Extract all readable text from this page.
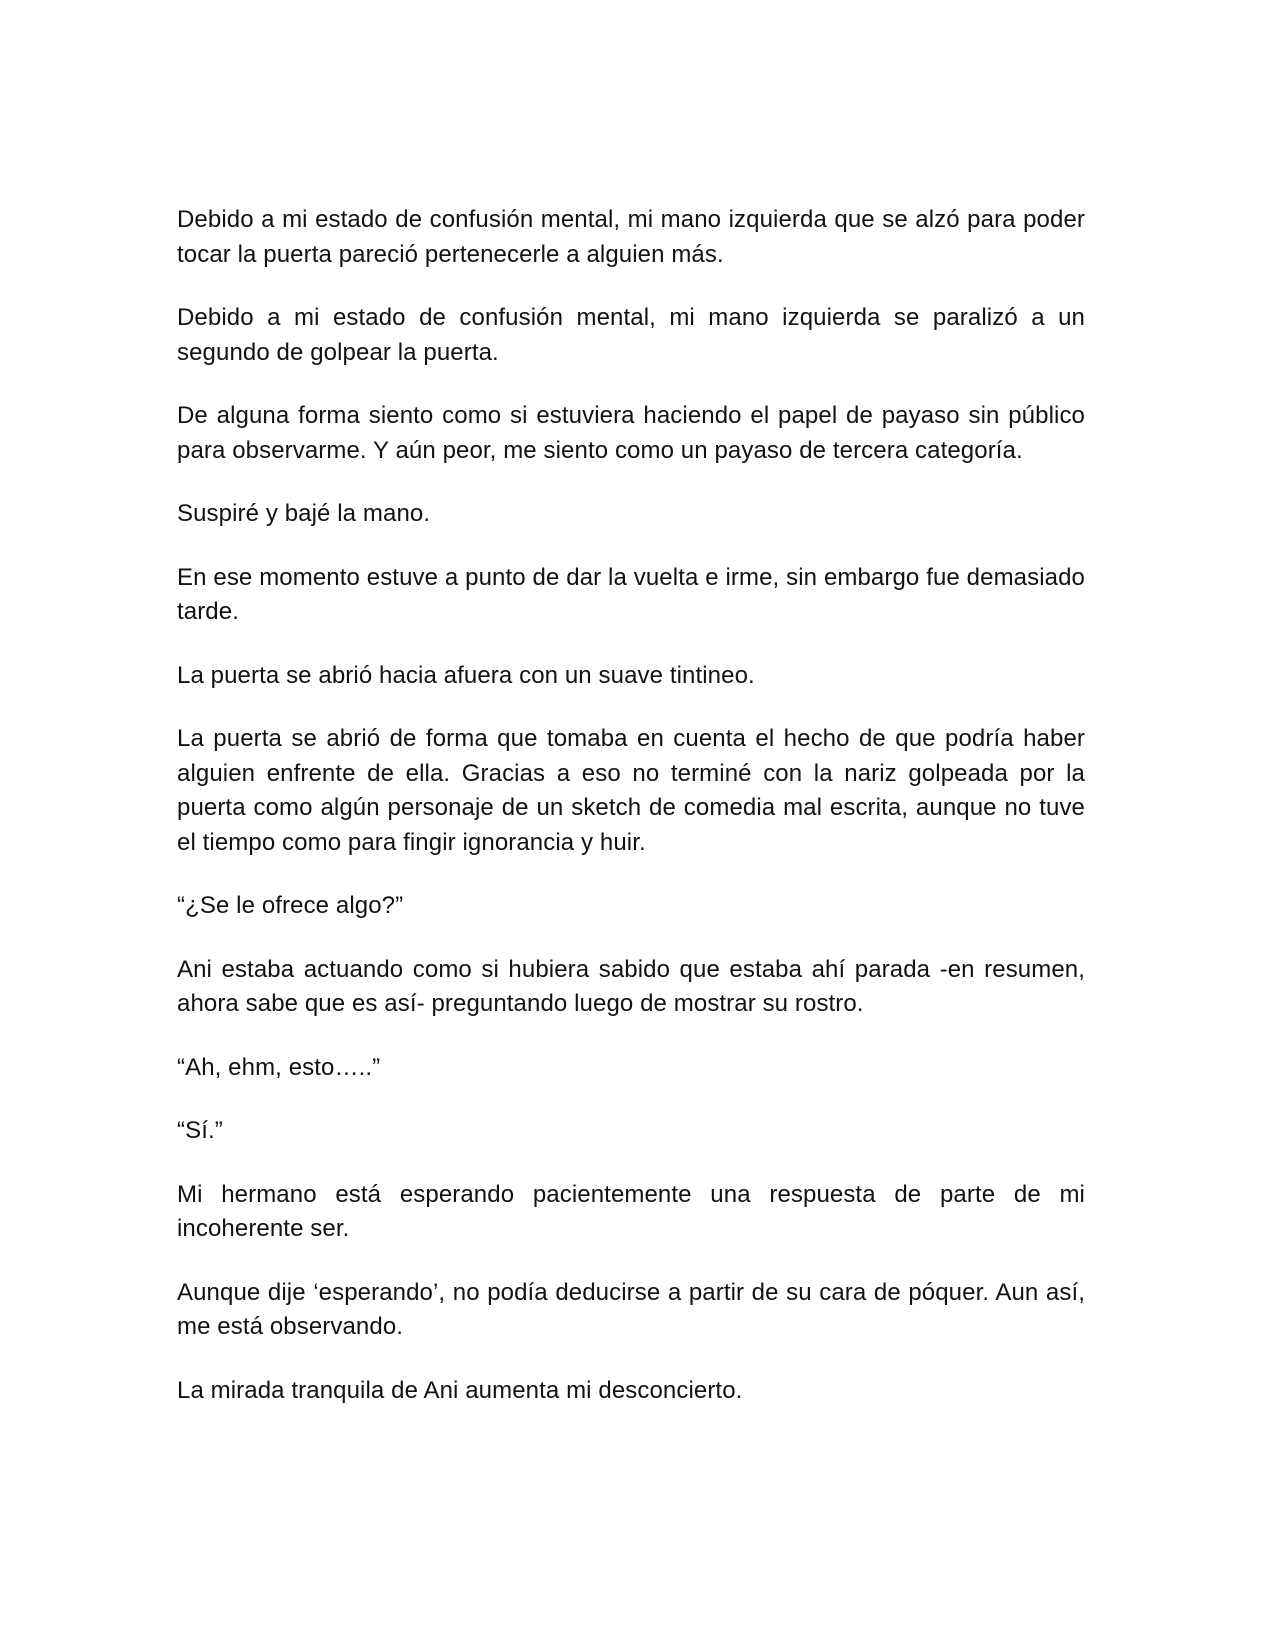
Debido a mi estado de confusión mental, mi mano izquierda que se alzó para poder tocar la puerta pareció pertenecerle a alguien más.

Debido a mi estado de confusión mental, mi mano izquierda se paralizó a un segundo de golpear la puerta.

De alguna forma siento como si estuviera haciendo el papel de payaso sin público para observarme. Y aún peor, me siento como un payaso de tercera categoría.

Suspiré y bajé la mano.

En ese momento estuve a punto de dar la vuelta e irme, sin embargo fue demasiado tarde.

La puerta se abrió hacia afuera con un suave tintineo.

La puerta se abrió de forma que tomaba en cuenta el hecho de que podría haber alguien enfrente de ella. Gracias a eso no terminé con la nariz golpeada por la puerta como algún personaje de un sketch de comedia mal escrita, aunque no tuve el tiempo como para fingir ignorancia y huir.

“¿Se le ofrece algo?”

Ani estaba actuando como si hubiera sabido que estaba ahí parada -en resumen, ahora sabe que es así- preguntando luego de mostrar su rostro.

“Ah, ehm, esto…..”

“Sí.”

Mi hermano está esperando pacientemente una respuesta de parte de mi incoherente ser.

Aunque dije ‘esperando’, no podía deducirse a partir de su cara de póquer. Aun así, me está observando.

La mirada tranquila de Ani aumenta mi desconcierto.
